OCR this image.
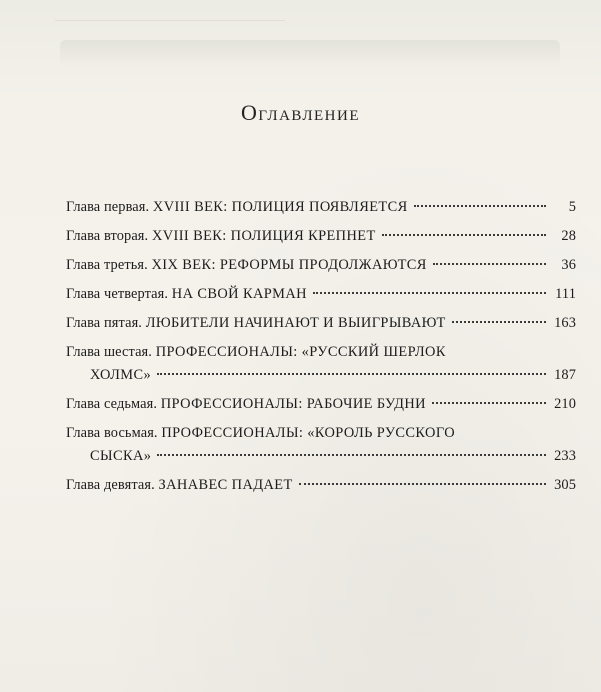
Оглавление
Глава первая.
XVIII ВЕК: ПОЛИЦИЯ ПОЯВЛЯЕТСЯ	5
Глава вторая.
XVIII ВЕК: ПОЛИЦИЯ КРЕПНЕТ	28
Глава третья.
XIX ВЕК: РЕФОРМЫ ПРОДОЛЖАЮТСЯ	36
Глава четвертая.
НА СВОЙ КАРМАН	111
Глава пятая.
ЛЮБИТЕЛИ НАЧИНАЮТ И ВЫИГРЫВАЮТ	163
Глава шестая.
ПРОФЕССИОНАЛЫ: «РУССКИЙ ШЕРЛОК
ХОЛМС»	187
Глава седьмая.
ПРОФЕССИОНАЛЫ: РАБОЧИЕ БУДНИ	210
Глава восьмая.
ПРОФЕССИОНАЛЫ: «КОРОЛЬ РУССКОГО
СЫСКА»	233
Глава девятая.
ЗАНАВЕС ПАДАЕТ	305
